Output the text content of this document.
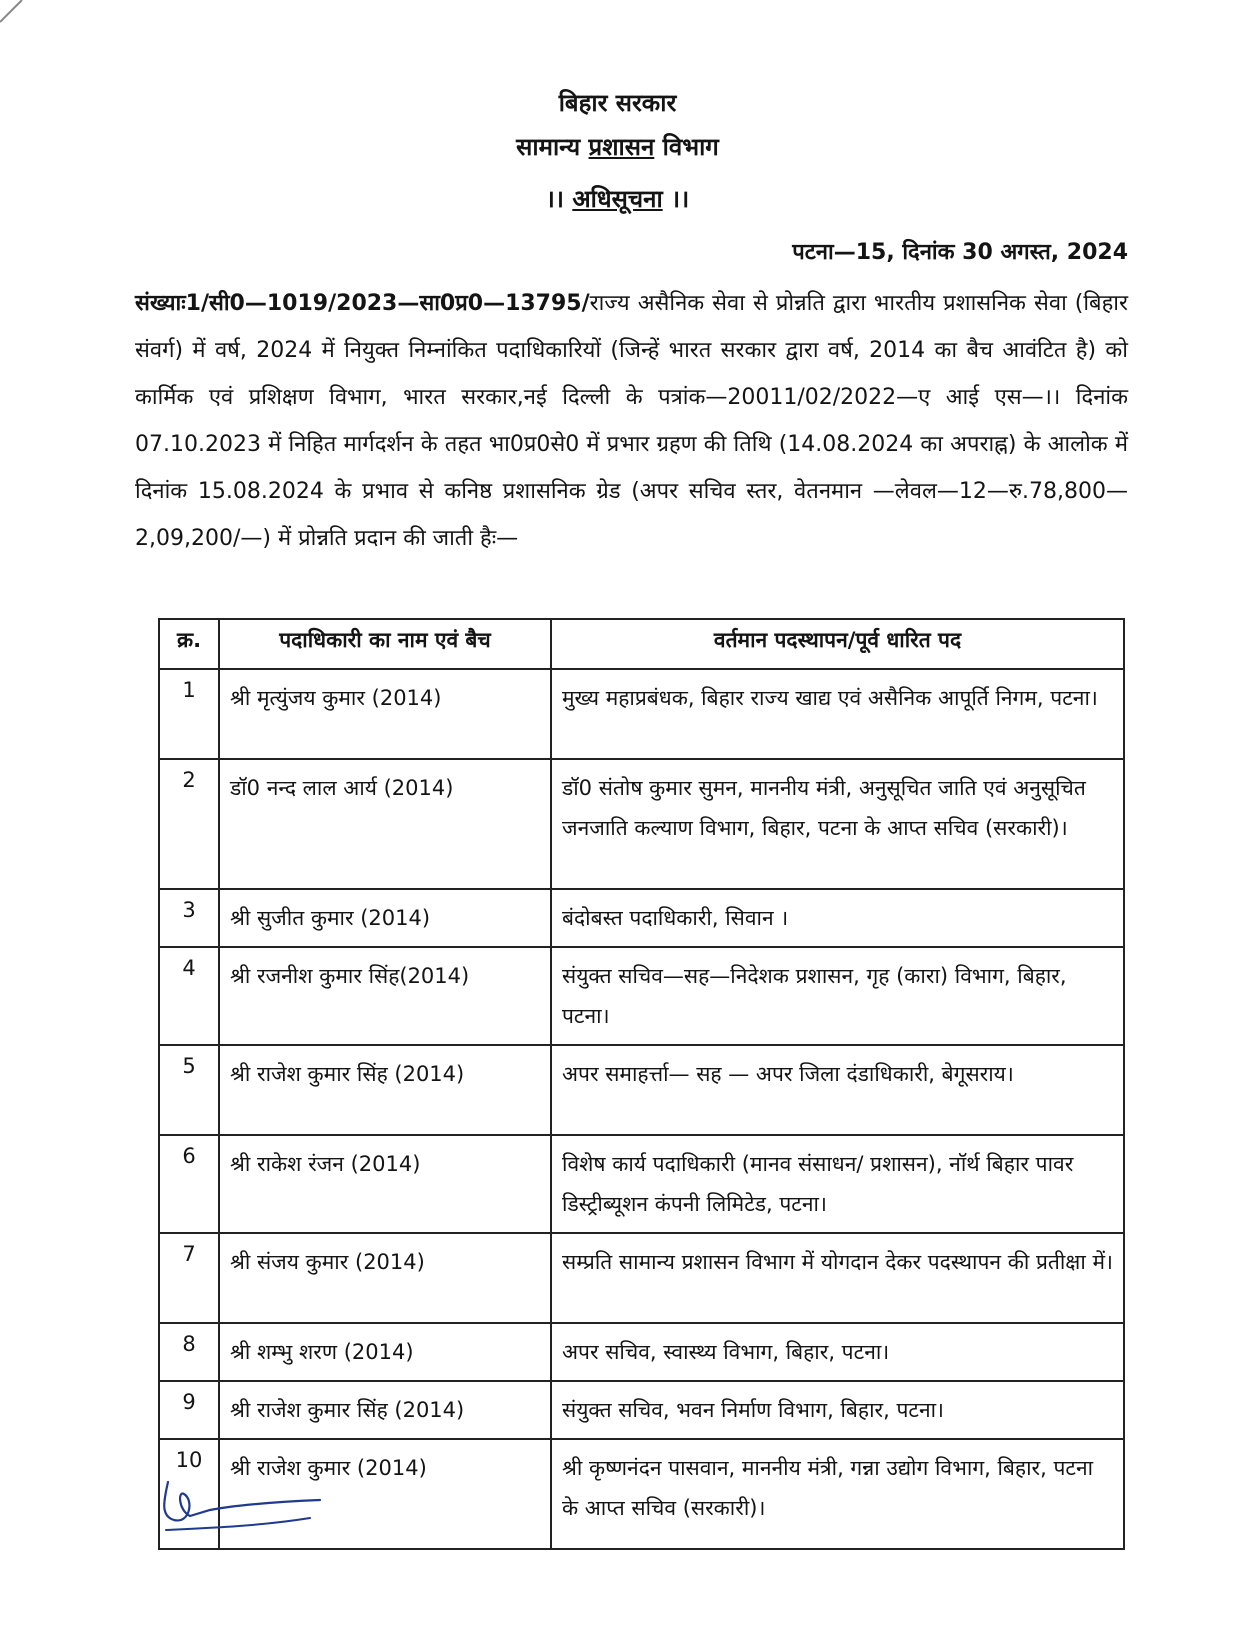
बिहार सरकार
सामान्य प्रशासन विभाग
।। अधिसूचना ।।
पटना—15, दिनांक 30 अगस्त, 2024
संख्याः1/सी0—1019/2023—सा0प्र0—13795/राज्य असैनिक सेवा से प्रोन्नति द्वारा भारतीय प्रशासनिक सेवा (बिहार संवर्ग) में वर्ष, 2024 में नियुक्त निम्नांकित पदाधिकारियों (जिन्हें भारत सरकार द्वारा वर्ष, 2014 का बैच आवंटित है) को कार्मिक एवं प्रशिक्षण विभाग, भारत सरकार,नई दिल्ली के पत्रांक—20011/02/2022—ए आई एस—।। दिनांक 07.10.2023 में निहित मार्गदर्शन के तहत भा0प्र0से0 में प्रभार ग्रहण की तिथि (14.08.2024 का अपराह्न) के आलोक में दिनांक 15.08.2024 के प्रभाव से कनिष्ठ प्रशासनिक ग्रेड (अपर सचिव स्तर, वेतनमान —लेवल—12—रु.78,800—2,09,200/—) में प्रोन्नति प्रदान की जाती हैः—
क्र.	पदाधिकारी का नाम एवं बैच	वर्तमान पदस्थापन/पूर्व धारित पद
1	श्री मृत्युंजय कुमार (2014)	मुख्य महाप्रबंधक, बिहार राज्य खाद्य एवं असैनिक आपूर्ति निगम, पटना।
2	डॉ0 नन्द लाल आर्य (2014)	डॉ0 संतोष कुमार सुमन, माननीय मंत्री, अनुसूचित जाति एवं अनुसूचित जनजाति कल्याण विभाग, बिहार, पटना के आप्त सचिव (सरकारी)।
3	श्री सुजीत कुमार (2014)	बंदोबस्त पदाधिकारी, सिवान ।
4	श्री रजनीश कुमार सिंह(2014)	संयुक्त सचिव—सह—निदेशक प्रशासन, गृह (कारा) विभाग, बिहार, पटना।
5	श्री राजेश कुमार सिंह (2014)	अपर समाहर्त्ता— सह — अपर जिला दंडाधिकारी, बेगूसराय।
6	श्री राकेश रंजन (2014)	विशेष कार्य पदाधिकारी (मानव संसाधन/ प्रशासन), नॉर्थ बिहार पावर डिस्ट्रीब्यूशन कंपनी लिमिटेड, पटना।
7	श्री संजय कुमार (2014)	सम्प्रति सामान्य प्रशासन विभाग में योगदान देकर पदस्थापन की प्रतीक्षा में।
8	श्री शम्भु शरण (2014)	अपर सचिव, स्वास्थ्य विभाग, बिहार, पटना।
9	श्री राजेश कुमार सिंह (2014)	संयुक्त सचिव, भवन निर्माण विभाग, बिहार, पटना।
10	श्री राजेश कुमार (2014)	श्री कृष्णनंदन पासवान, माननीय मंत्री, गन्ना उद्योग विभाग, बिहार, पटना के आप्त सचिव (सरकारी)।
